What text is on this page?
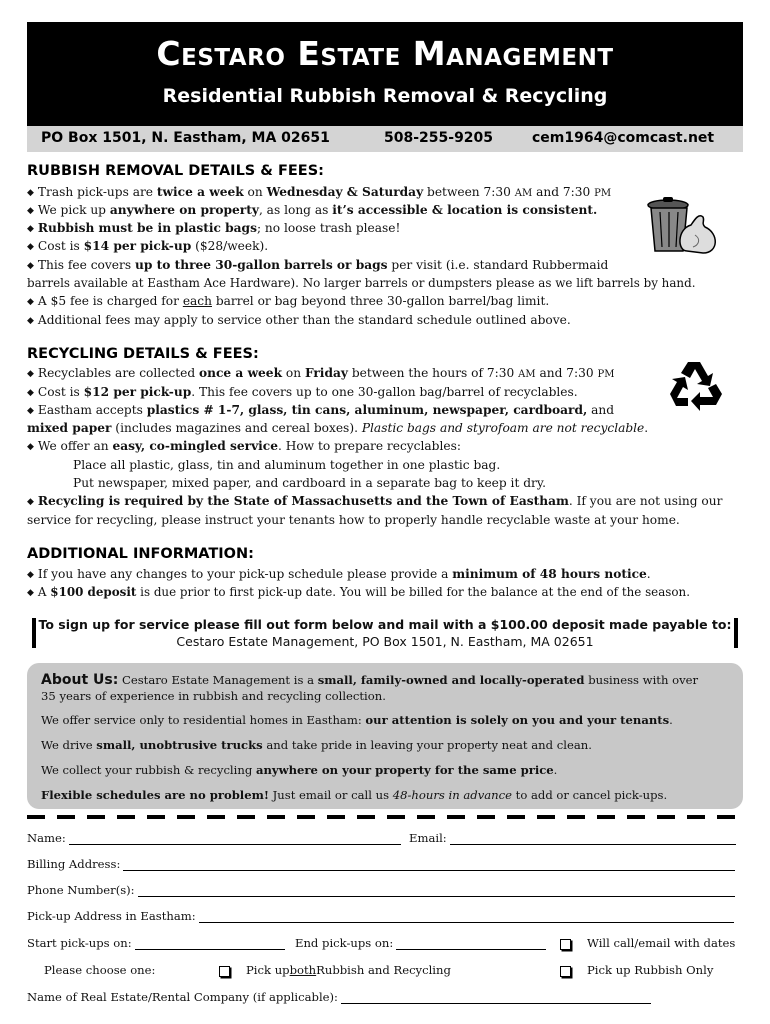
Cestaro Estate Management
Residential Rubbish Removal & Recycling
PO Box 1501, N. Eastham, MA 02651	508-255-9205	cem1964@comcast.net
RUBBISH REMOVAL DETAILS & FEES:
◆ Trash pick-ups are twice a week on Wednesday & Saturday between 7:30 AM and 7:30 PM
◆ We pick up anywhere on property, as long as it’s accessible & location is consistent.
◆ Rubbish must be in plastic bags; no loose trash please!
◆ Cost is $14 per pick-up ($28/week).
◆ This fee covers up to three 30-gallon barrels or bags per visit (i.e. standard Rubbermaid
barrels available at Eastham Ace Hardware). No larger barrels or dumpsters please as we lift barrels by hand.
◆ A $5 fee is charged for each barrel or bag beyond three 30-gallon barrel/bag limit.
◆ Additional fees may apply to service other than the standard schedule outlined above.
RECYCLING DETAILS & FEES:
◆ Recyclables are collected once a week on Friday between the hours of 7:30 AM and 7:30 PM
◆ Cost is $12 per pick-up. This fee covers up to one 30-gallon bag/barrel of recyclables.
◆ Eastham accepts plastics # 1-7, glass, tin cans, aluminum, newspaper, cardboard, and
mixed paper (includes magazines and cereal boxes). Plastic bags and styrofoam are not recyclable.
◆ We offer an easy, co-mingled service. How to prepare recyclables:
Place all plastic, glass, tin and aluminum together in one plastic bag.
Put newspaper, mixed paper, and cardboard in a separate bag to keep it dry.
◆ Recycling is required by the State of Massachusetts and the Town of Eastham. If you are not using our
service for recycling, please instruct your tenants how to properly handle recyclable waste at your home.
ADDITIONAL INFORMATION:
◆ If you have any changes to your pick-up schedule please provide a minimum of 48 hours notice.
◆ A $100 deposit is due prior to first pick-up date. You will be billed for the balance at the end of the season.
To sign up for service please fill out form below and mail with a $100.00 deposit made payable to:
Cestaro Estate Management, PO Box 1501, N. Eastham, MA 02651
About Us: Cestaro Estate Management is a small, family-owned and locally-operated business with over
35 years of experience in rubbish and recycling collection.
We offer service only to residential homes in Eastham: our attention is solely on you and your tenants.
We drive small, unobtrusive trucks and take pride in leaving your property neat and clean.
We collect your rubbish & recycling anywhere on your property for the same price.
Flexible schedules are no problem! Just email or call us 48-hours in advance to add or cancel pick-ups.
Name:	Email:
Billing Address:
Phone Number(s):
Pick-up Address in Eastham:
Start pick-ups on:	End pick-ups on:	Will call/email with dates
Please choose one:	Pick up both Rubbish and Recycling	Pick up Rubbish Only
Name of Real Estate/Rental Company (if applicable):
